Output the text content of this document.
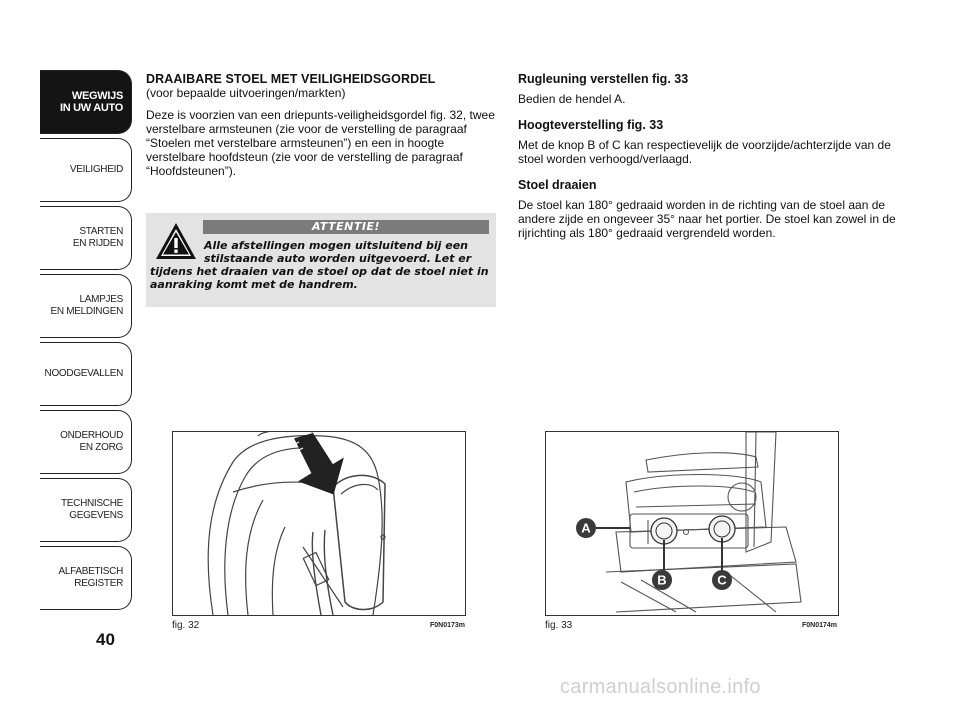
WEGWIJS
IN UW AUTO
VEILIGHEID
STARTEN
EN RIJDEN
LAMPJES
EN MELDINGEN
NOODGEVALLEN
ONDERHOUD
EN ZORG
TECHNISCHE
GEGEVENS
ALFABETISCH
REGISTER
40

DRAAIBARE STOEL MET VEILIGHEIDSGORDEL

(voor bepaalde uitvoeringen/markten)

Deze is voorzien van een driepunts-veiligheidsgordel fig. 32, twee verstelbare armsteunen (zie voor de verstelling de paragraaf “Stoelen met verstelbare armsteunen”) en een in hoogte verstelbare hoofdsteun (zie voor de verstelling de paragraaf “Hoofdsteunen”).

ATTENTIE!
Alle afstellingen mogen uitsluitend bij een
stilstaande auto worden uitgevoerd. Let er
tijdens het draaien van de stoel op dat de stoel niet in aanraking komt met de handrem.

Rugleuning verstellen fig. 33

Bedien de hendel A.

Hoogteverstelling fig. 33

Met de knop B of C kan respectievelijk de voorzijde/achterzijde van de stoel worden verhoogd/verlaagd.

Stoel draaien

De stoel kan 180° gedraaid worden in de richting van de stoel aan de andere zijde en ongeveer 35° naar het portier. De stoel kan zowel in de rijrichting als 180° gedraaid vergrendeld worden.

fig. 32	F0N0173m
A
B	C
fig. 33	F0N0174m
carmanualsonline.info
